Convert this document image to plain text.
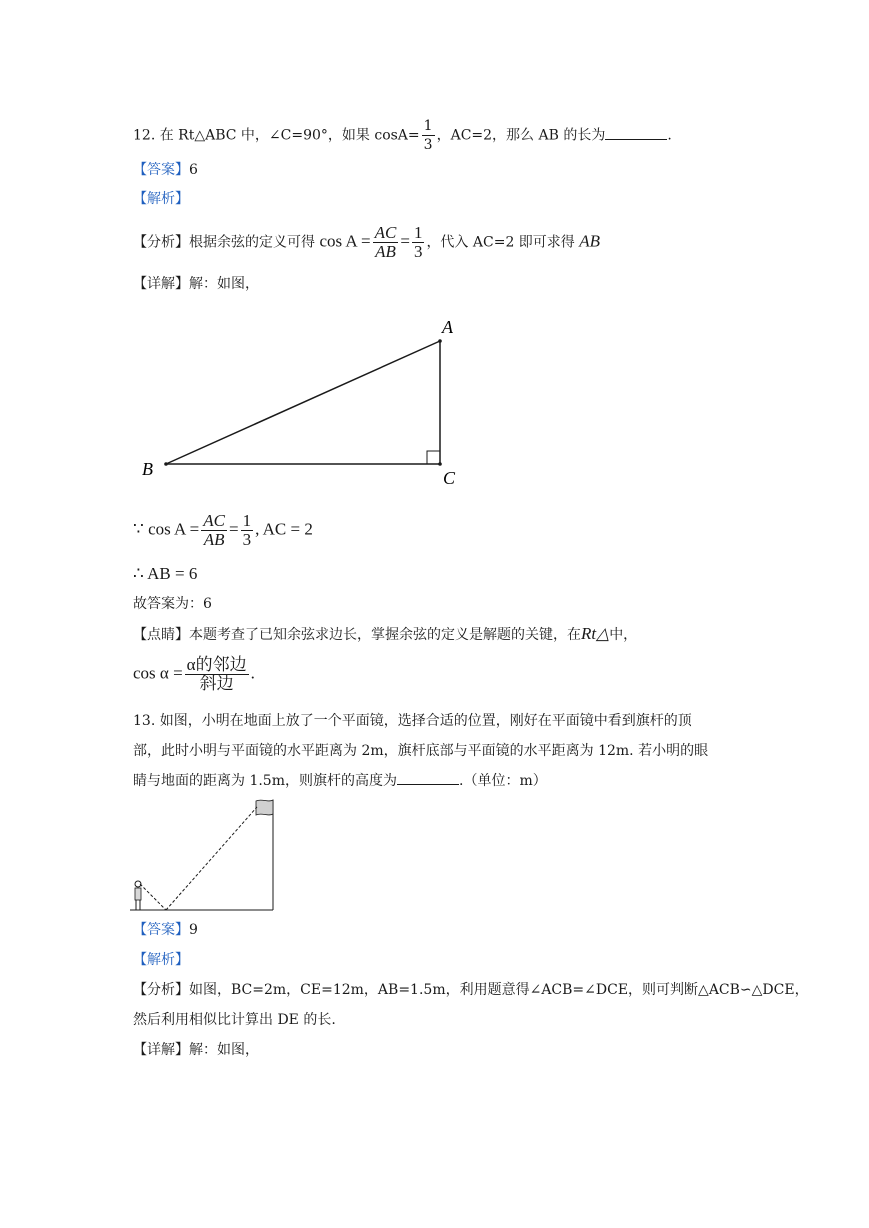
12. 在 Rt△ABC 中，∠C=90°，如果 $\cos A= \frac{1}{3}$ ，AC=2，那么 AB 的长为	.
【答案】6
【解析】
【分析】根据余弦的定义可得 $\cos A = \frac{AC}{AB} = \frac{1}{3}$ ，代入 AC=2 即可求得 AB
【详解】解：如图，
A
B	C
∵ $\cos A = \frac{AC}{AB} = \frac{1}{3}$ , AC = 2
∴ AB = 6
故答案为：6
【点睛】本题考查了已知余弦求边长，掌握余弦的定义是解题的关键，在Rt△中，
$\cos \alpha = \frac{\text{α的邻边}}{\text{斜边}}$ .
13. 如图，小明在地面上放了一个平面镜，选择合适的位置，刚好在平面镜中看到旗杆的顶
部，此时小明与平面镜的水平距离为 2m，旗杆底部与平面镜的水平距离为 12m. 若小明的眼
睛与地面的距离为 1.5m，则旗杆的高度为	.（单位：m）
【答案】9
【解析】
【分析】如图，BC=2m，CE=12m，AB=1.5m，利用题意得∠ACB=∠DCE，则可判断△ACB∽△DCE，
然后利用相似比计算出 DE 的长.
【详解】解：如图，
